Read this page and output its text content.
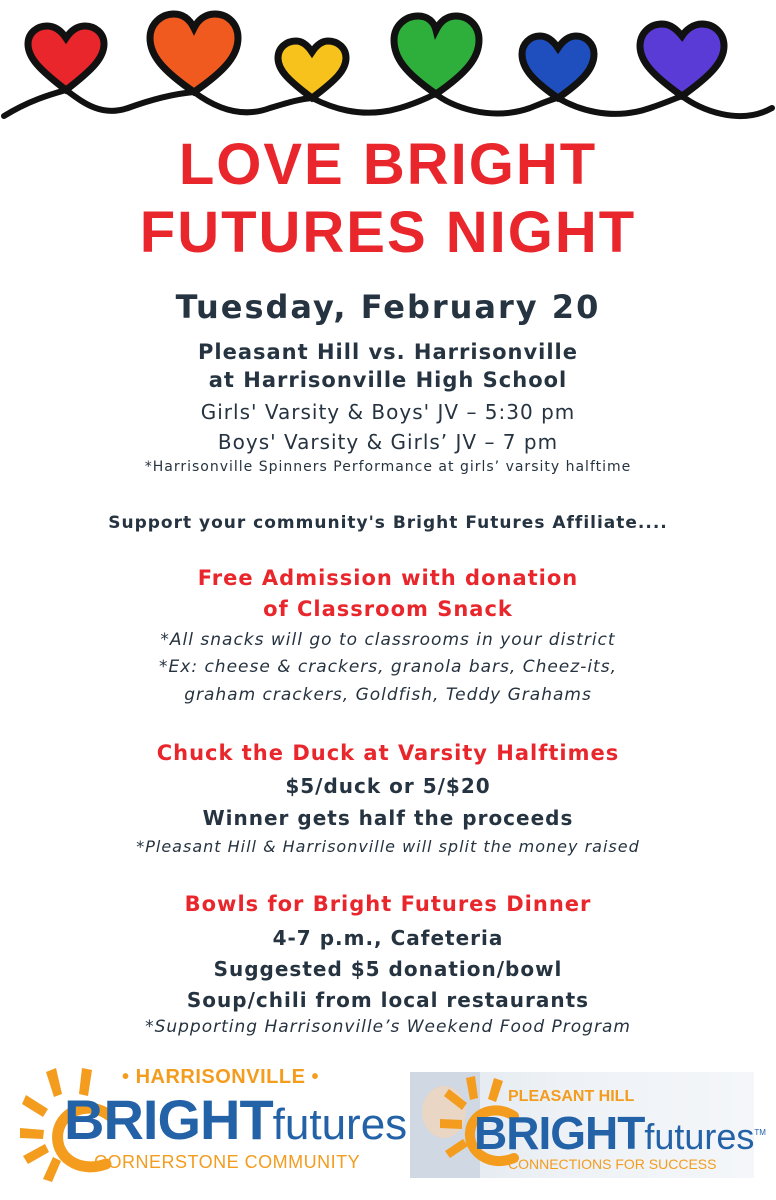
LOVE BRIGHT
FUTURES NIGHT
Tuesday, February 20
Pleasant Hill vs. Harrisonville
at Harrisonville High School
Girls' Varsity & Boys' JV – 5:30 pm
Boys' Varsity & Girls’ JV – 7 pm
*Harrisonville Spinners Performance at girls’ varsity halftime
Support your community's Bright Futures Affiliate....
Free Admission with donation
of Classroom Snack
*All snacks will go to classrooms in your district
*Ex: cheese & crackers, granola bars, Cheez-its,
graham crackers, Goldfish, Teddy Grahams
Chuck the Duck at Varsity Halftimes
$5/duck or 5/$20
Winner gets half the proceeds
*Pleasant Hill & Harrisonville will split the money raised
Bowls for Bright Futures Dinner
4-7 p.m., Cafeteria
Suggested $5 donation/bowl
Soup/chili from local restaurants
*Supporting Harrisonville’s Weekend Food Program
• HARRISONVILLE •
BRIGHTfutures
CORNERSTONE COMMUNITY
PLEASANT HILL
BRIGHTfutures™
CONNECTIONS FOR SUCCESS
